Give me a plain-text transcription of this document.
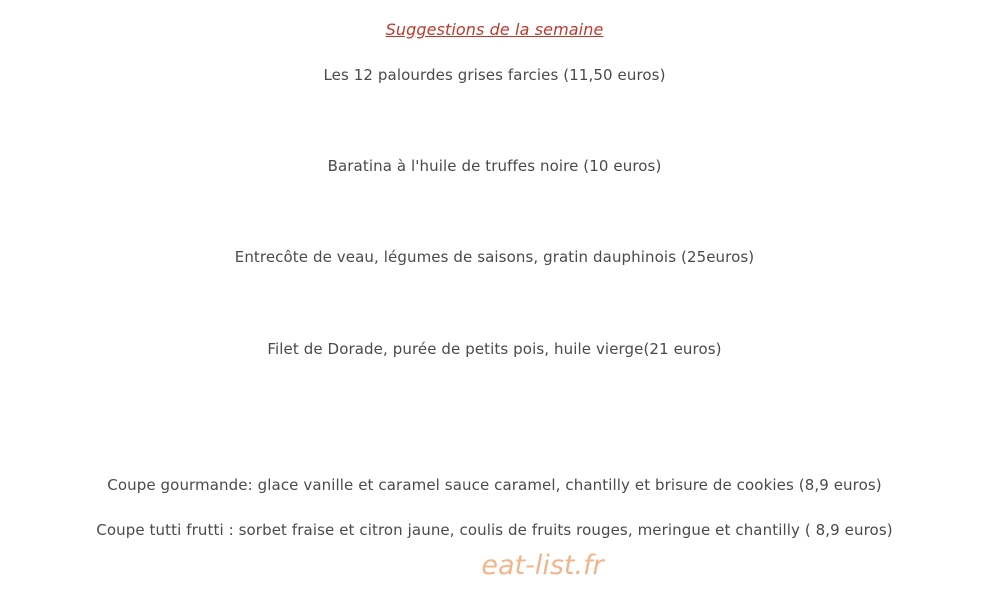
Suggestions de la semaine
Les 12 palourdes grises farcies (11,50 euros)
Baratina à l'huile de truffes noire (10 euros)
Entrecôte de veau, légumes de saisons, gratin dauphinois (25euros)
Filet de Dorade, purée de petits pois, huile vierge(21 euros)
Coupe gourmande: glace vanille et caramel sauce caramel, chantilly et brisure de cookies (8,9 euros)
Coupe tutti frutti : sorbet fraise et citron jaune, coulis de fruits rouges, meringue et chantilly ( 8,9 euros)
eat-list.fr
